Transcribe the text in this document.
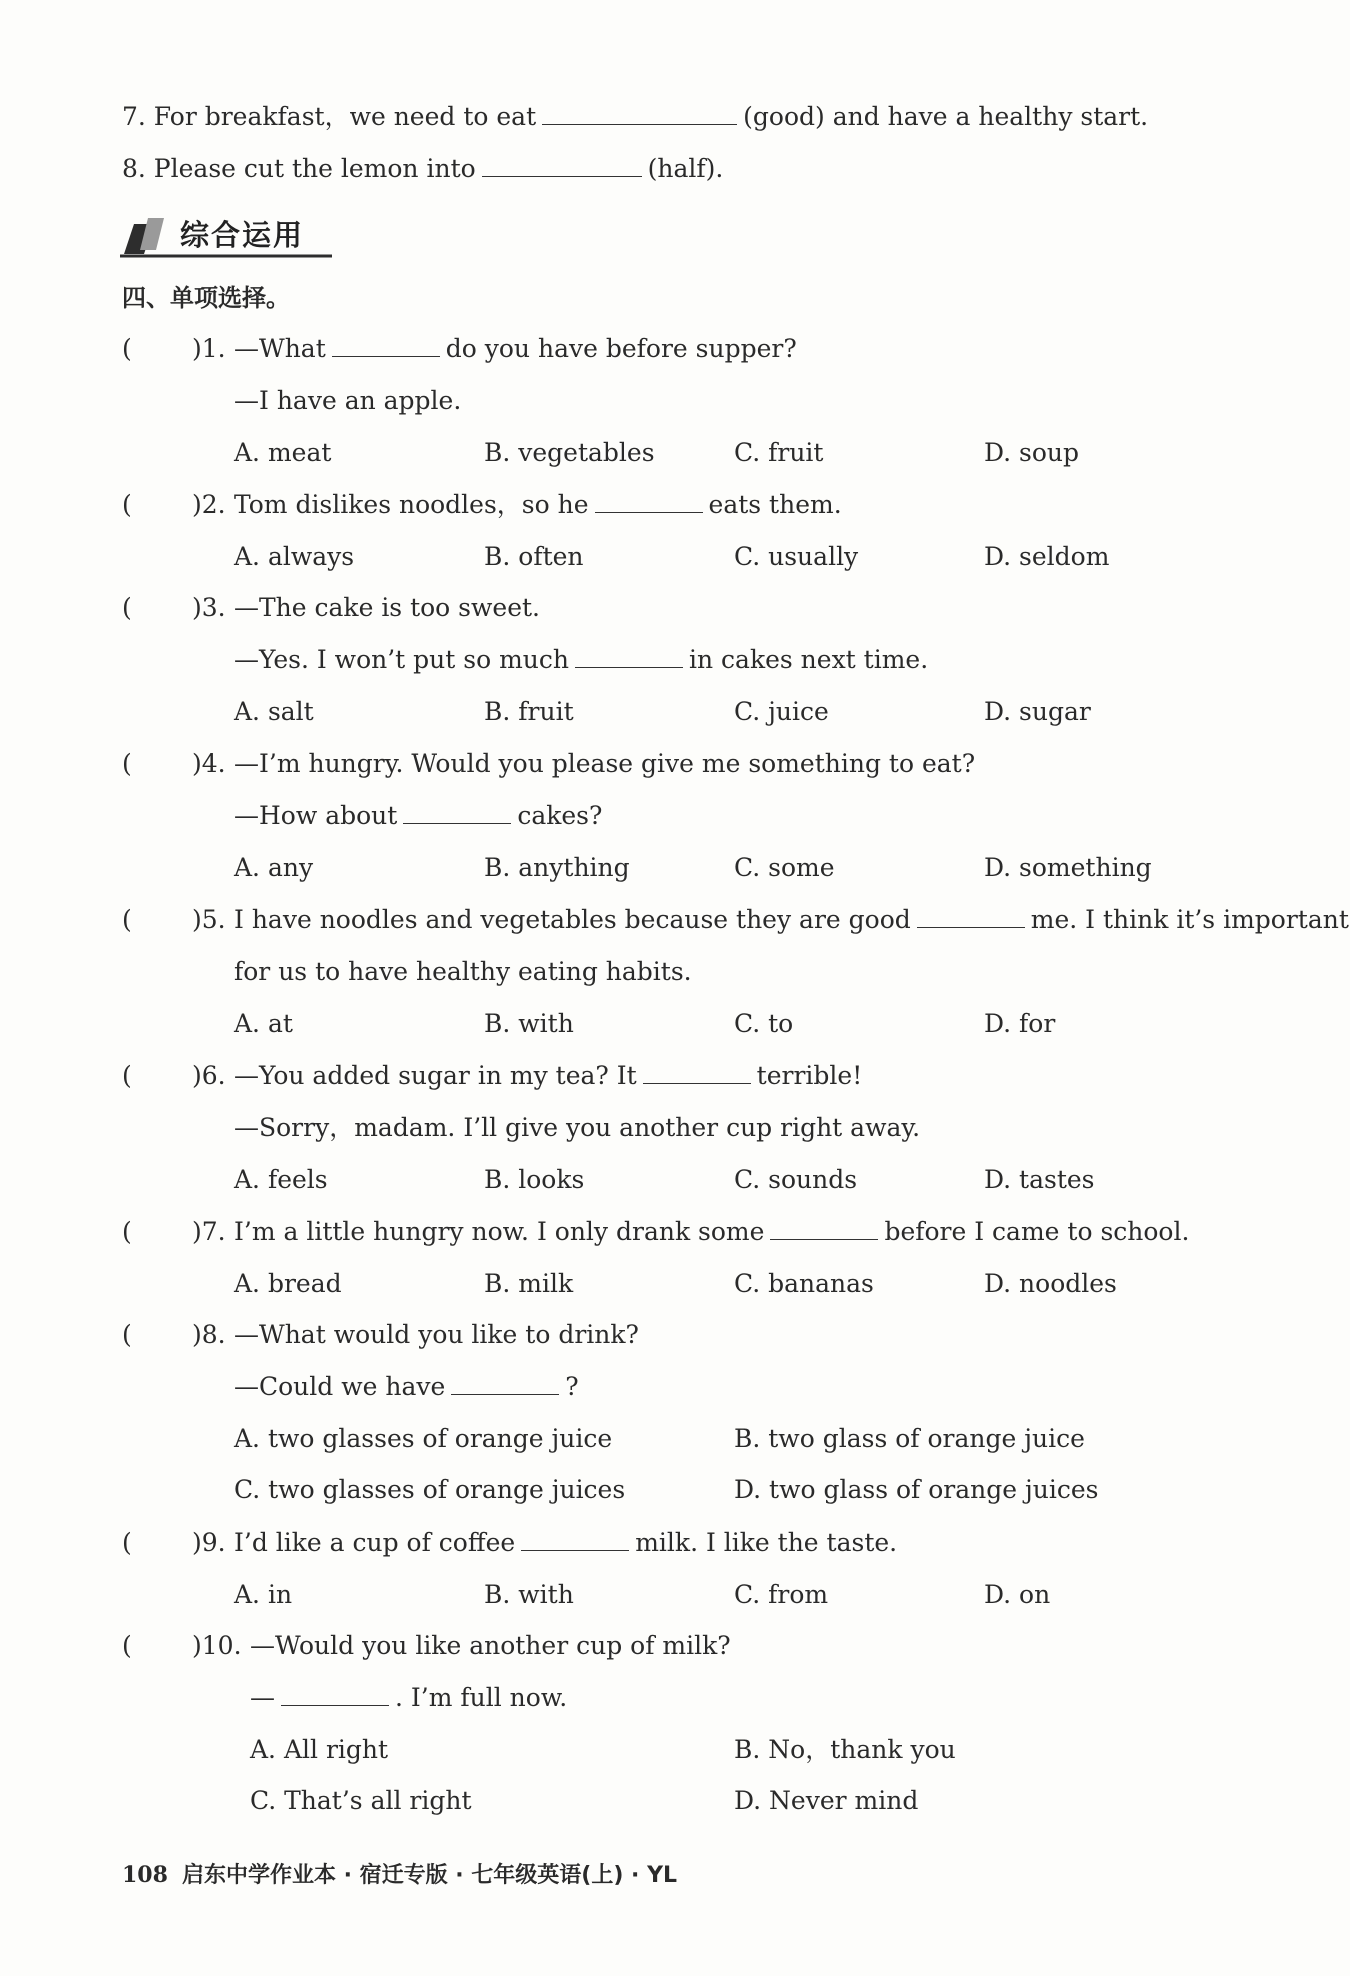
7. For breakfast，we need to eat	(good) and have a healthy start.
8. Please cut the lemon into	(half).
综合运用
四、单项选择。
( )1. —What	do you have before supper?
—I have an apple.
A. meat	B. vegetables	C. fruit	D. soup
( )2. Tom dislikes noodles，so he	eats them.
A. always	B. often	C. usually	D. seldom
( )3. —The cake is too sweet.
—Yes. I won’t put so much	in cakes next time.
A. salt	B. fruit	C. juice	D. sugar
( )4. —I’m hungry. Would you please give me something to eat?
—How about	cakes?
A. any	B. anything	C. some	D. something
( )5. I have noodles and vegetables because they are good	me. I think it’s important
for us to have healthy eating habits.
A. at	B. with	C. to	D. for
( )6. —You added sugar in my tea? It	terrible!
—Sorry，madam. I’ll give you another cup right away.
A. feels	B. looks	C. sounds	D. tastes
( )7. I’m a little hungry now. I only drank some	before I came to school.
A. bread	B. milk	C. bananas	D. noodles
( )8. —What would you like to drink?
—Could we have	?
A. two glasses of orange juice	B. two glass of orange juice
C. two glasses of orange juices	D. two glass of orange juices
( )9. I’d like a cup of coffee	milk. I like the taste.
A. in	B. with	C. from	D. on
( )10. —Would you like another cup of milk?
—	. I’m full now.
A. All right	B. No，thank you
C. That’s all right	D. Never mind
108 启东中学作业本 · 宿迁专版 · 七年级英语(上) · YL
